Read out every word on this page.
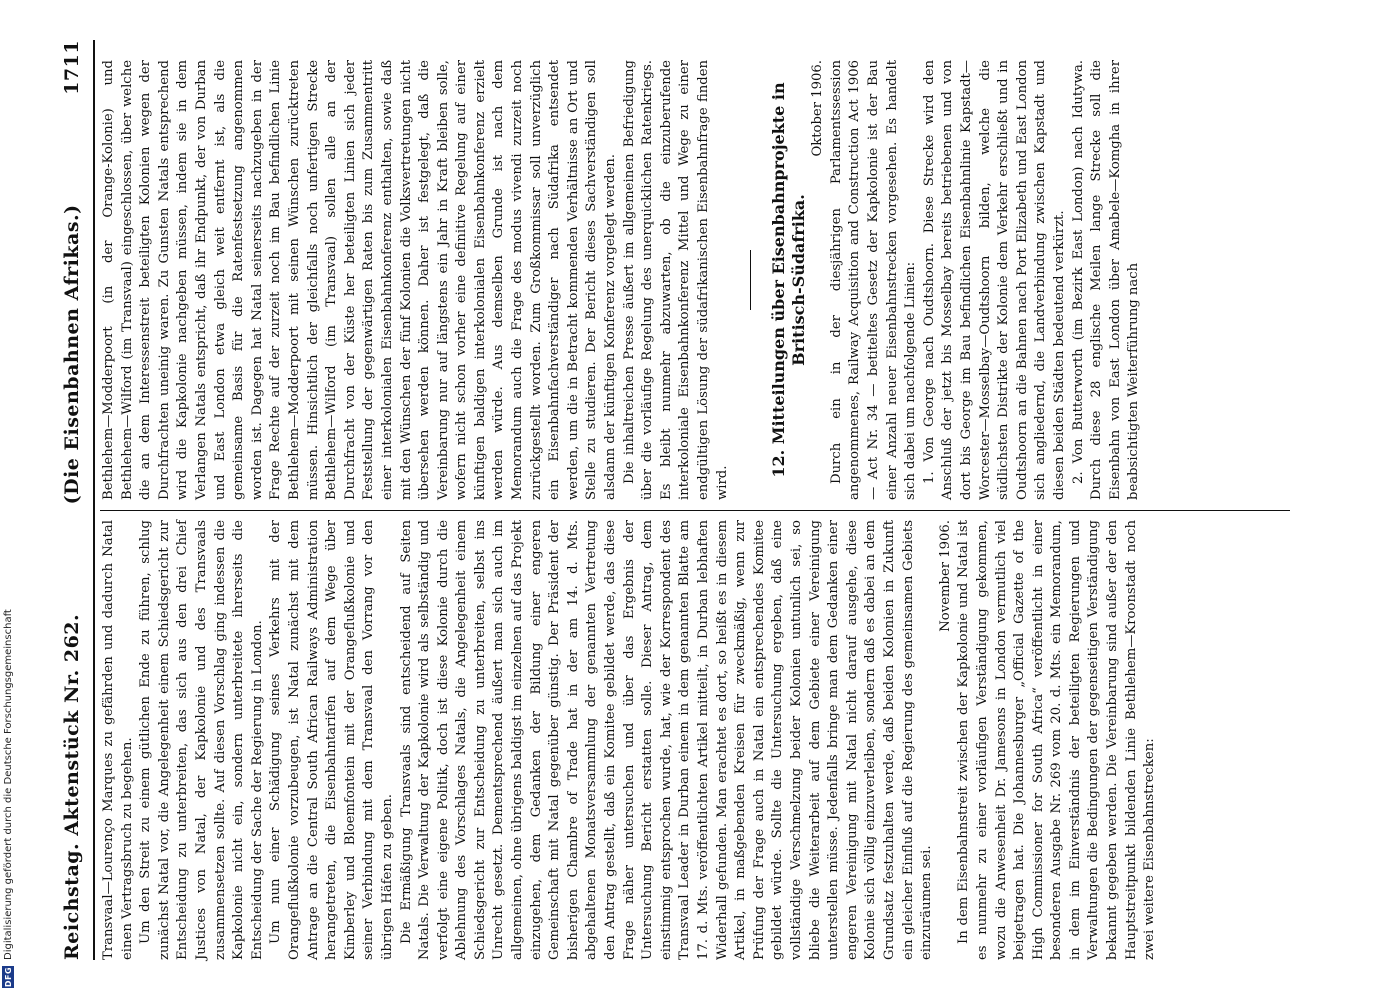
Reichstag. Aktenstück Nr. 262.
(Die Eisenbahnen Afrikas.)
1711

Transvaal—Lourenço Marques zu gefährden und dadurch Natal einen Vertragsbruch zu begehen. Um den Streit zu einem gütlichen Ende zu führen, schlug zunächst Natal vor, die Angelegenheit einem Schiedsgericht zur Entscheidung zu unterbreiten, das sich aus den drei Chief Justices von Natal, der Kapkolonie und des Transvaals zusammensetzen sollte. Auf diesen Vorschlag ging indessen die Kapkolonie nicht ein, sondern unterbreitete ihrerseits die Entscheidung der Sache der Regierung in London. Um nun einer Schädigung seines Verkehrs mit der Orangeflußkolonie vorzubeugen, ist Natal zunächst mit dem Antrage an die Central South African Railways Administration herangetreten, die Eisenbahntarifen auf dem Wege über Kimberley und Bloemfontein mit der Orangeflußkolonie und seiner Verbindung mit dem Transvaal den Vorrang vor den übrigen Häfen zu geben. Die Ermäßigung Transvaals sind entscheidend auf Seiten Natals. Die Verwaltung der Kapkolonie wird als selbständig und verfolgt eine eigene Politik, doch ist diese Kolonie durch die Ablehnung des Vorschlages Natals, die Angelegenheit einem Schiedsgericht zur Entscheidung zu unterbreiten, selbst ins Unrecht gesetzt. Dementsprechend äußert man sich auch im allgemeinen, ohne übrigens baldigst im einzelnen auf das Projekt einzugehen, dem Gedanken der Bildung einer engeren Gemeinschaft mit Natal gegenüber günstig. Der Präsident der bisherigen Chambre of Trade hat in der am 14. d. Mts. abgehaltenen Monatsversammlung der genannten Vertretung den Antrag gestellt, daß ein Komitee gebildet werde, das diese Frage näher untersuchen und über das Ergebnis der Untersuchung Bericht erstatten solle. Dieser Antrag, dem einstimmig entsprochen wurde, hat, wie der Korrespondent des Transvaal Leader in Durban einem in dem genannten Blatte am 17. d. Mts. veröffentlichten Artikel mitteilt, in Durban lebhaften Widerhall gefunden. Man erachtet es dort, so heißt es in diesem Artikel, in maßgebenden Kreisen für zweckmäßig, wenn zur Prüfung der Frage auch in Natal ein entsprechendes Komitee gebildet würde. Sollte die Untersuchung ergeben, daß eine vollständige Verschmelzung beider Kolonien untunlich sei, so bliebe die Weiterarbeit auf dem Gebiete einer Vereinigung unterstellen müsse. Jedenfalls bringe man dem Gedanken einer engeren Vereinigung mit Natal nicht darauf ausgehe, diese Kolonie sich völlig einzuverleiben, sondern daß es dabei an dem Grundsatz festzuhalten werde, daß beiden Kolonien in Zukunft ein gleicher Einfluß auf die Regierung des gemeinsamen Gebiets einzuräumen sei.

November 1906. In dem Eisenbahnstreit zwischen der Kapkolonie und Natal ist es nunmehr zu einer vorläufigen Verständigung gekommen, wozu die Anwesenheit Dr. Jamesons in London vermutlich viel beigetragen hat. Die Johannesburger „Official Gazette of the High Commissioner for South Africa“ veröffentlicht in einer besonderen Ausgabe Nr. 269 vom 20. d. Mts. ein Memorandum, in dem im Einverständnis der beteiligten Regierungen und Verwaltungen die Bedingungen der gegenseitigen Verständigung bekannt gegeben werden. Die Vereinbarung sind außer der den Hauptstreitpunkt bildenden Linie Bethlehem—Kroonstadt noch zwei weitere Eisenbahnstrecken:

Bethlehem—Modderpoort (in der Orange-Kolonie) und Bethlehem—Wilford (im Transvaal) eingeschlossen, über welche die an dem Interessenstreit beteiligten Kolonien wegen der Durchfrachten uneinig waren. Zu Gunsten Natals entsprechend wird die Kapkolonie nachgeben müssen, indem sie in dem Verlangen Natals entspricht, daß ihr Endpunkt, der von Durban und East London etwa gleich weit entfernt ist, als die gemeinsame Basis für die Ratenfestsetzung angenommen worden ist. Dagegen hat Natal seinerseits nachzugeben in der Frage Rechte auf der zurzeit noch im Bau befindlichen Linie Bethlehem—Modderpoort mit seinen Wünschen zurücktreten müssen. Hinsichtlich der gleichfalls noch unfertigen Strecke Bethlehem—Wilford (im Transvaal) sollen alle an der Durchfracht von der Küste her beteiligten Linien sich jeder Feststellung der gegenwärtigen Raten bis zum Zusammentritt einer interkolonialen Eisenbahnkonferenz enthalten, sowie daß mit den Wünschen der fünf Kolonien die Volksvertretungen nicht übersehen werden können. Daher ist festgelegt, daß die Vereinbarung nur auf längstens ein Jahr in Kraft bleiben solle, wofern nicht schon vorher eine definitive Regelung auf einer künftigen baldigen interkolonialen Eisenbahnkonferenz erzielt werden würde. Aus demselben Grunde ist nach dem Memorandum auch die Frage des modus vivendi zurzeit noch zurückgestellt worden. Zum Großkommissar soll unverzüglich ein Eisenbahnfachverständiger nach Südafrika entsendet werden, um die in Betracht kommenden Verhältnisse an Ort und Stelle zu studieren. Der Bericht dieses Sachverständigen soll alsdann der künftigen Konferenz vorgelegt werden. Die inhaltreichen Presse äußert im allgemeinen Befriedigung über die vorläufige Regelung des unerquicklichen Ratenkriegs. Es bleibt nunmehr abzuwarten, ob die einzuberufende interkoloniale Eisenbahnkonferenz Mittel und Wege zu einer endgültigen Lösung der südafrikanischen Eisenbahnfrage finden wird.

12. Mitteilungen über Eisenbahnprojekte in Britisch-Südafrika.

Oktober 1906. Durch ein in der diesjährigen Parlamentssession angenommenes, Railway Acquisition and Construction Act 1906 — Act Nr. 34 — betiteltes Gesetz der Kapkolonie ist der Bau einer Anzahl neuer Eisenbahnstrecken vorgesehen. Es handelt sich dabei um nachfolgende Linien: 1. Von George nach Oudtshoorn. Diese Strecke wird den Anschluß der jetzt bis Mosselbay bereits betriebenen und von dort bis George im Bau befindlichen Eisenbahnlinie Kapstadt—Worcester—Mosselbay—Oudtshoorn bilden, welche die südlichsten Distrikte der Kolonie dem Verkehr erschließt und in Oudtshoorn an die Bahnen nach Port Elizabeth und East London sich angliedernd, die Landverbindung zwischen Kapstadt und diesen beiden Städten bedeutend verkürzt. 2. Von Butterworth (im Bezirk East London) nach Idutywa. Durch diese 28 englische Meilen lange Strecke soll die Eisenbahn von East London über Amabele—Komgha in ihrer beabsichtigten Weiterführung nach

DFG
Digitalisierung gefördert durch die Deutsche Forschungsgemeinschaft
